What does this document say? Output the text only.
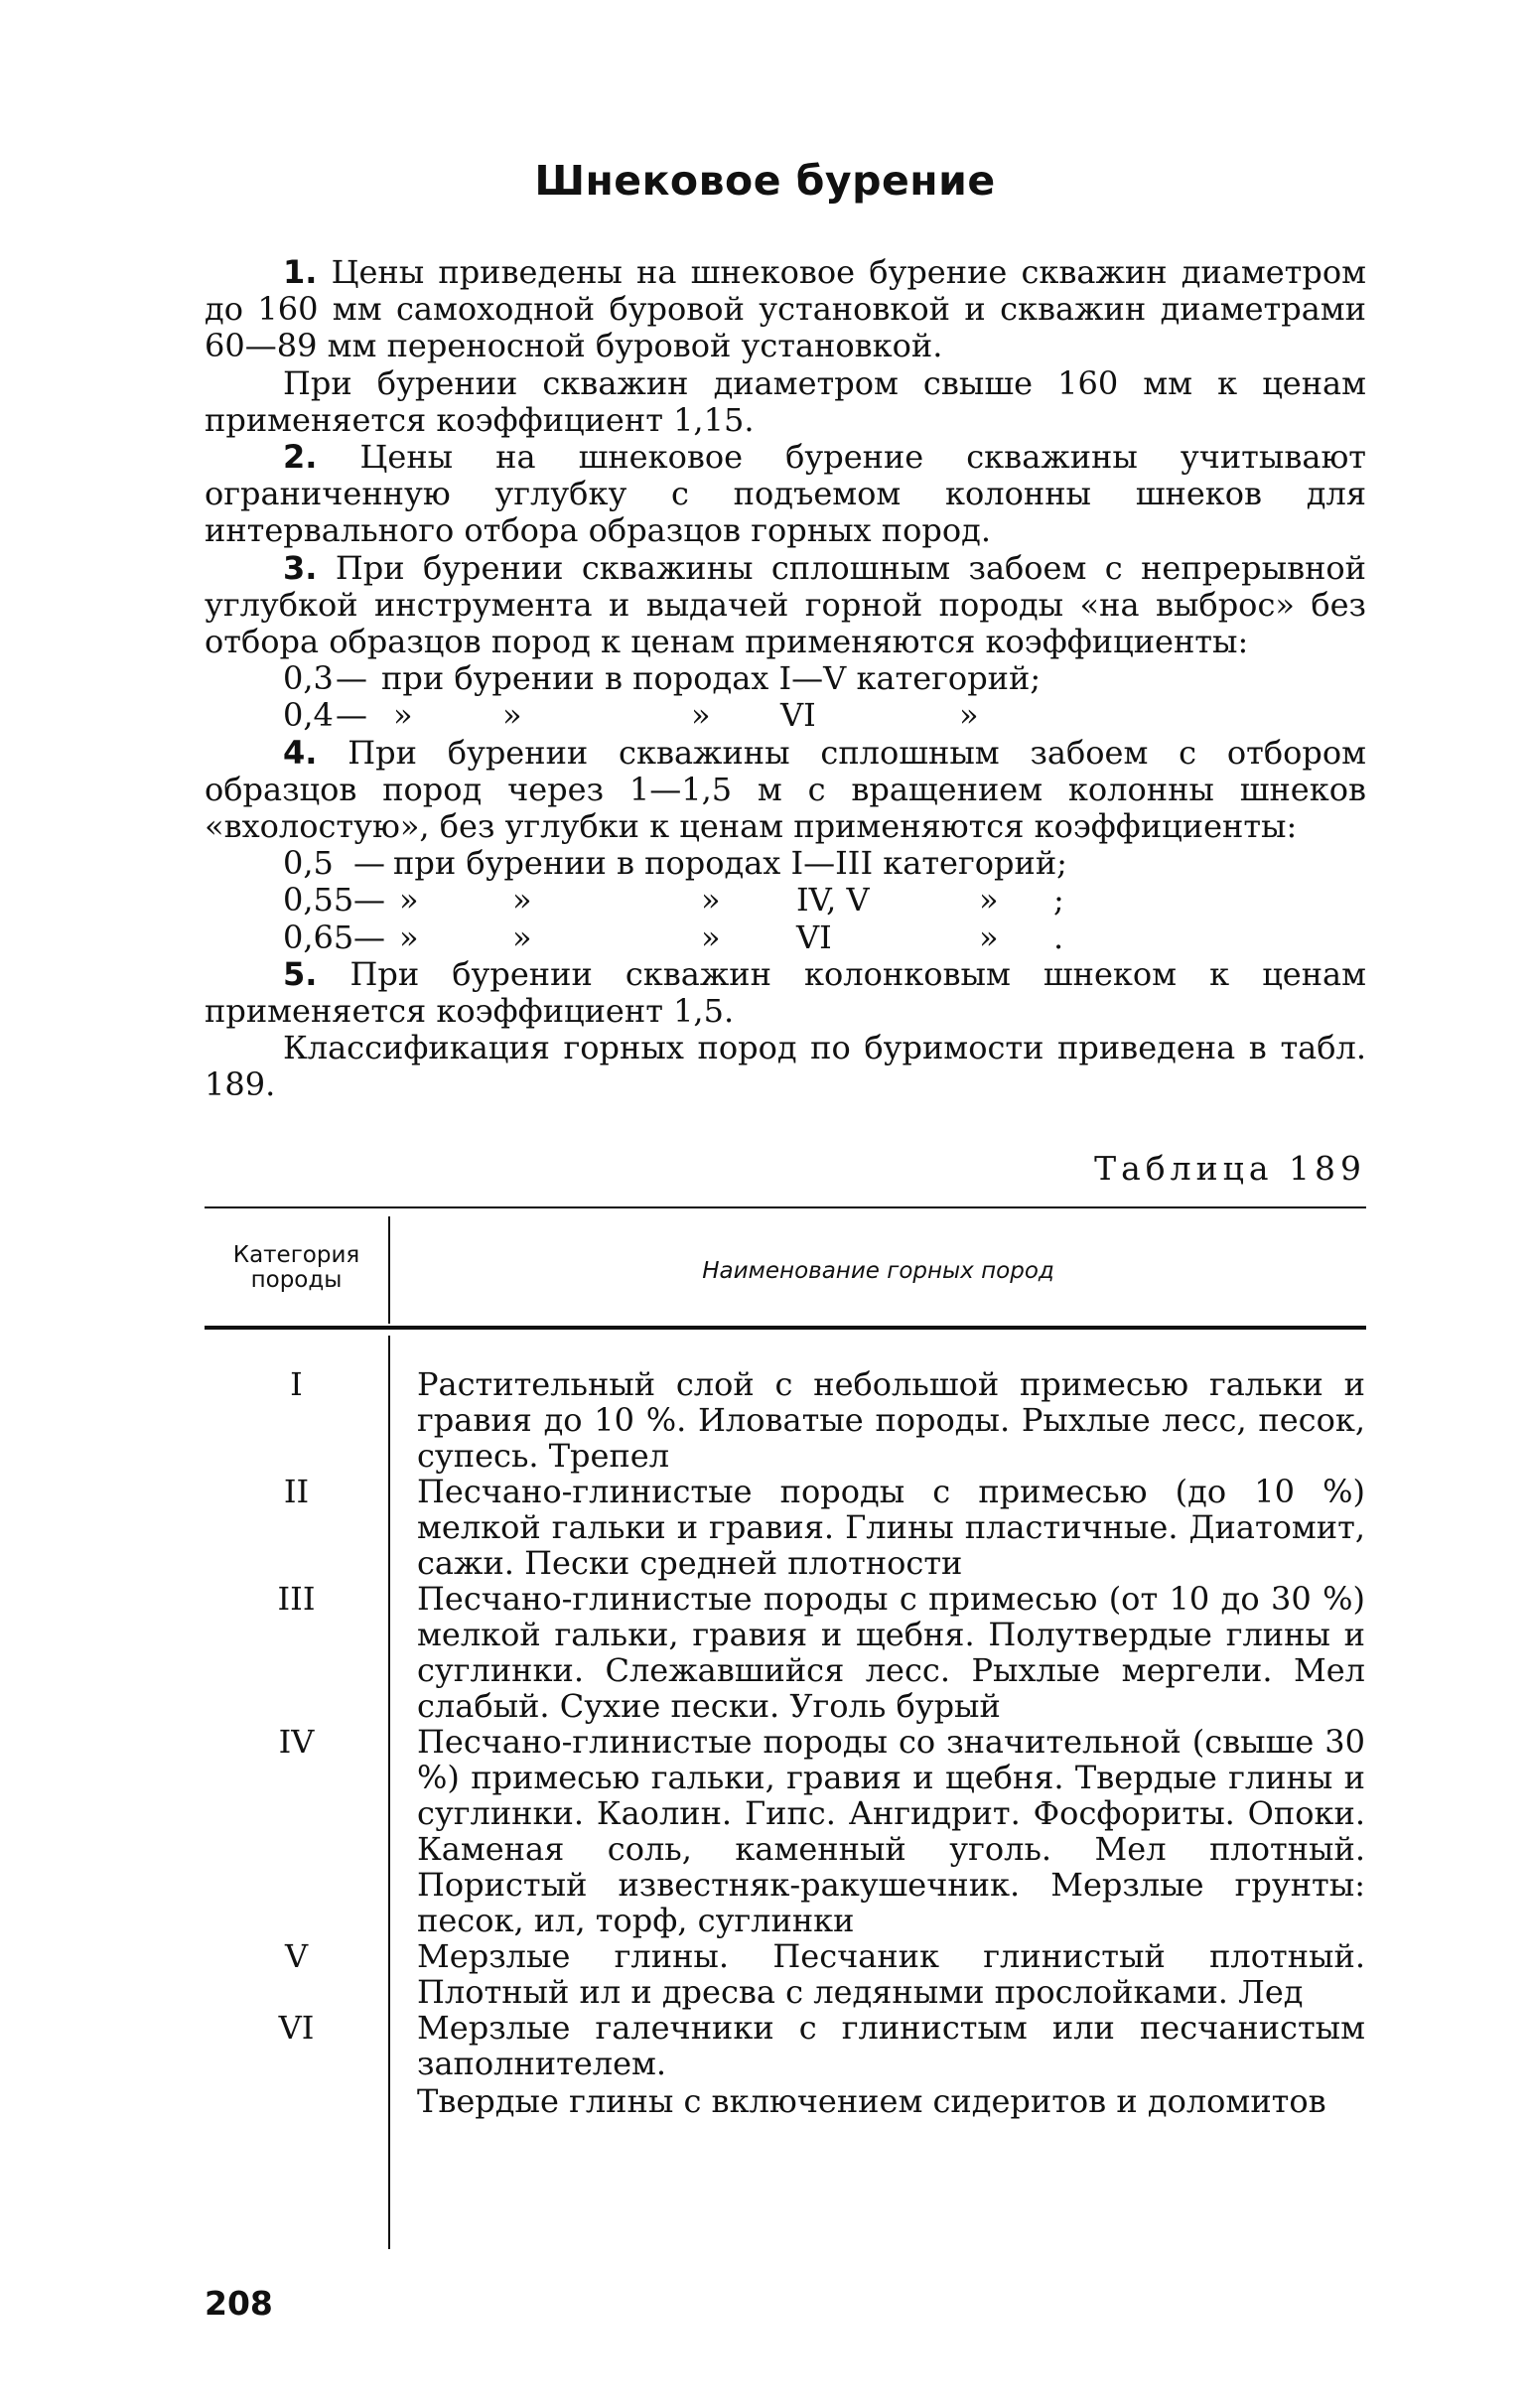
Шнековое бурение
1. Цены приведены на шнековое бурение скважин диаметром до 160 мм самоходной буровой установкой и скважин диаметрами 60—89 мм переносной буровой установкой.
При бурении скважин диаметром свыше 160 мм к ценам применяется коэффициент 1,15.
2. Цены на шнековое бурение скважины учитывают ограниченную углубку с подъемом колонны шнеков для интервального отбора образцов горных пород.
3. При бурении скважины сплошным забоем с непрерывной углубкой инструмента и выдачей горной породы «на выброс» без отбора образцов пород к ценам применяются коэффициенты:
0,3 — при бурении в породах I—V категорий;
0,4 — »	»	» VI	»
4. При бурении скважины сплошным забоем с отбором образцов пород через 1—1,5 м с вращением колонны шнеков «вхолостую», без углубки к ценам применяются коэффициенты:
0,5 — при бурении в породах I—III категорий;
0,55 — »	»	» IV, V	» ;
0,65 — »	»	» VI	» .
5. При бурении скважин колонковым шнеком к ценам применяется коэффициент 1,5.
Классификация горных пород по буримости приведена в табл. 189.
Таблица 189
Категория
породы	Наименование горных пород
I	Растительный слой с небольшой примесью гальки и гравия до 10 %. Иловатые породы. Рыхлые лесс, песок, супесь. Трепел
II	Песчано-глинистые породы с примесью (до 10 %) мелкой гальки и гравия. Глины пластичные. Диатомит, сажи. Пески средней плотности
III	Песчано-глинистые породы с примесью (от 10 до 30 %) мелкой гальки, гравия и щебня. Полутвердые глины и суглинки. Слежавшийся лесс. Рыхлые мергели. Мел слабый. Сухие пески. Уголь бурый
IV	Песчано-глинистые породы со значительной (свыше 30 %) примесью гальки, гравия и щебня. Твердые глины и суглинки. Каолин. Гипс. Ангидрит. Фосфориты. Опоки. Каменая соль, каменный уголь. Мел плотный. Пористый известняк-ракушечник. Мерзлые грунты: песок, ил, торф, суглинки
V	Мерзлые глины. Песчаник глинистый плотный. Плотный ил и дресва с ледяными прослойками. Лед
VI	Мерзлые галечники с глинистым или песчанистым заполнителем.
Твердые глины с включением сидеритов и доломитов
208
